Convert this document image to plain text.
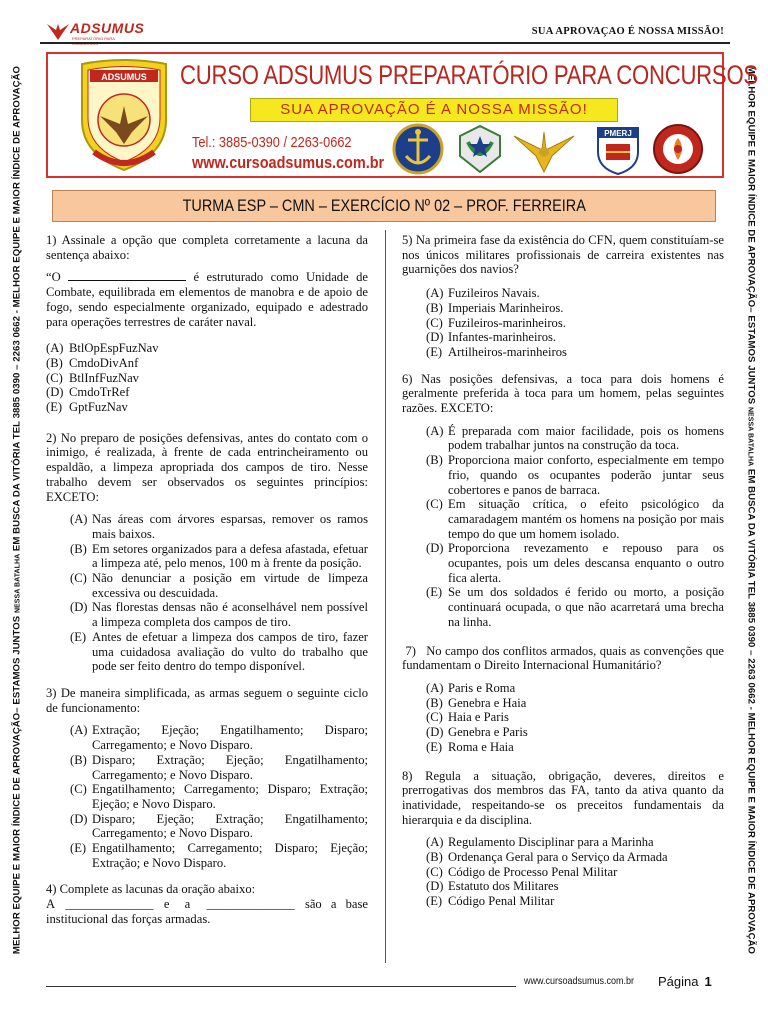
ADSUMUS
PREPARATÓRIO PARA
SUA APROVAÇAO É NOSSA MISSÃO!
MELHOR EQUIPE E MAIOR ÍNDICE DE APROVAÇÃO– ESTAMOS JUNTOS NESSA BATALHA EM BUSCA DA VITÓRIA TEL 3885 0390 – 2263 0662 - MELHOR EQUIPE E MAIOR ÍNDICE DE APROVAÇÃO	MELHOR EQUIPE E MAIOR ÍNDICE DE APROVAÇÃO– ESTAMOS JUNTOS NESSA BATALHA EM BUSCA DA VITÓRIA TEL 3885 0390 – 2263 0662 - MELHOR EQUIPE E MAIOR ÍNDICE DE APROVAÇÃO
ADSUMUS CURSO ADSUMUS PREPARATÓRIO PARA CONCURSOS
SUA APROVAÇÃO É A NOSSA MISSÃO!
Tel.: 3885-0390 / 2263-0662
www.cursoadsumus.com.br
PMERJ
TURMA ESP – CMN – EXERCÍCIO Nº 02 – PROF. FERREIRA

1) Assinale a opção que completa corretamente a lacuna da sentença abaixo:

“O	é estruturado como Unidade de Combate, equilibrada em elementos de manobra e de apoio de fogo, sendo especialmente organizado, equipado e adestrado para operações terrestres de caráter naval.

(A) BtlOpEspFuzNav
(B) CmdoDivAnf
(C) BtlInfFuzNav
(D) CmdoTrRef
(E) GptFuzNav

2) No preparo de posições defensivas, antes do contato com o inimigo, é realizada, à frente de cada entrincheiramento ou espaldão, a limpeza apropriada dos campos de tiro. Nesse trabalho devem ser observados os seguintes princípios: EXCETO:

(A) Nas áreas com árvores esparsas, remover os ramos mais baixos.
(B) Em setores organizados para a defesa afastada, efetuar a limpeza até, pelo menos, 100 m à frente da posição.
(C) Não denunciar a posição em virtude de limpeza excessiva ou descuidada.
(D) Nas florestas densas não é aconselhável nem possível a limpeza completa dos campos de tiro.
(E) Antes de efetuar a limpeza dos campos de tiro, fazer uma cuidadosa avaliação do vulto do trabalho que pode ser feito dentro do tempo disponível.

3) De maneira simplificada, as armas seguem o seguinte ciclo de funcionamento:

(A) Extração; Ejeção; Engatilhamento; Disparo; Carregamento; e Novo Disparo.
(B) Disparo; Extração; Ejeção; Engatilhamento; Carregamento; e Novo Disparo.
(C) Engatilhamento; Carregamento; Disparo; Extração; Ejeção; e Novo Disparo.
(D) Disparo; Ejeção; Extração; Engatilhamento; Carregamento; e Novo Disparo.
(E) Engatilhamento; Carregamento; Disparo; Ejeção; Extração; e Novo Disparo.

4) Complete as lacunas da oração abaixo:

A ______________ e a ______________ são a base

institucional das forças armadas.

5) Na primeira fase da existência do CFN, quem constituíam-se nos únicos militares profissionais de carreira existentes nas guarnições dos navios?

(A) Fuzileiros Navais.
(B) Imperiais Marinheiros.
(C) Fuzileiros-marinheiros.
(D) Infantes-marinheiros.
(E) Artilheiros-marinheiros

6) Nas posições defensivas, a toca para dois homens é geralmente preferida à toca para um homem, pelas seguintes razões. EXCETO:

(A) É preparada com maior facilidade, pois os homens podem trabalhar juntos na construção da toca.
(B) Proporciona maior conforto, especialmente em tempo frio, quando os ocupantes poderão juntar seus cobertores e panos de barraca.
(C) Em situação crítica, o efeito psicológico da camaradagem mantém os homens na posição por mais tempo do que um homem isolado.
(D) Proporciona revezamento e repouso para os ocupantes, pois um deles descansa enquanto o outro fica alerta.
(E) Se um dos soldados é ferido ou morto, a posição continuará ocupada, o que não acarretará uma brecha na linha.

7)   No campo dos conflitos armados, quais as convenções que fundamentam o Direito Internacional Humanitário?

(A) Paris e Roma
(B) Genebra e Haia
(C) Haia e Paris
(D) Genebra e Paris
(E) Roma e Haia

8) Regula a situação, obrigação, deveres, direitos e prerrogativas dos membros das FA, tanto da ativa quanto da inatividade, respeitando-se os preceitos fundamentais da hierarquia e da disciplina.

(A) Regulamento Disciplinar para a Marinha
(B) Ordenança Geral para o Serviço da Armada
(C) Código de Processo Penal Militar
(D) Estatuto dos Militares
(E) Código Penal Militar
www.cursoadsumus.com.br Página 1
